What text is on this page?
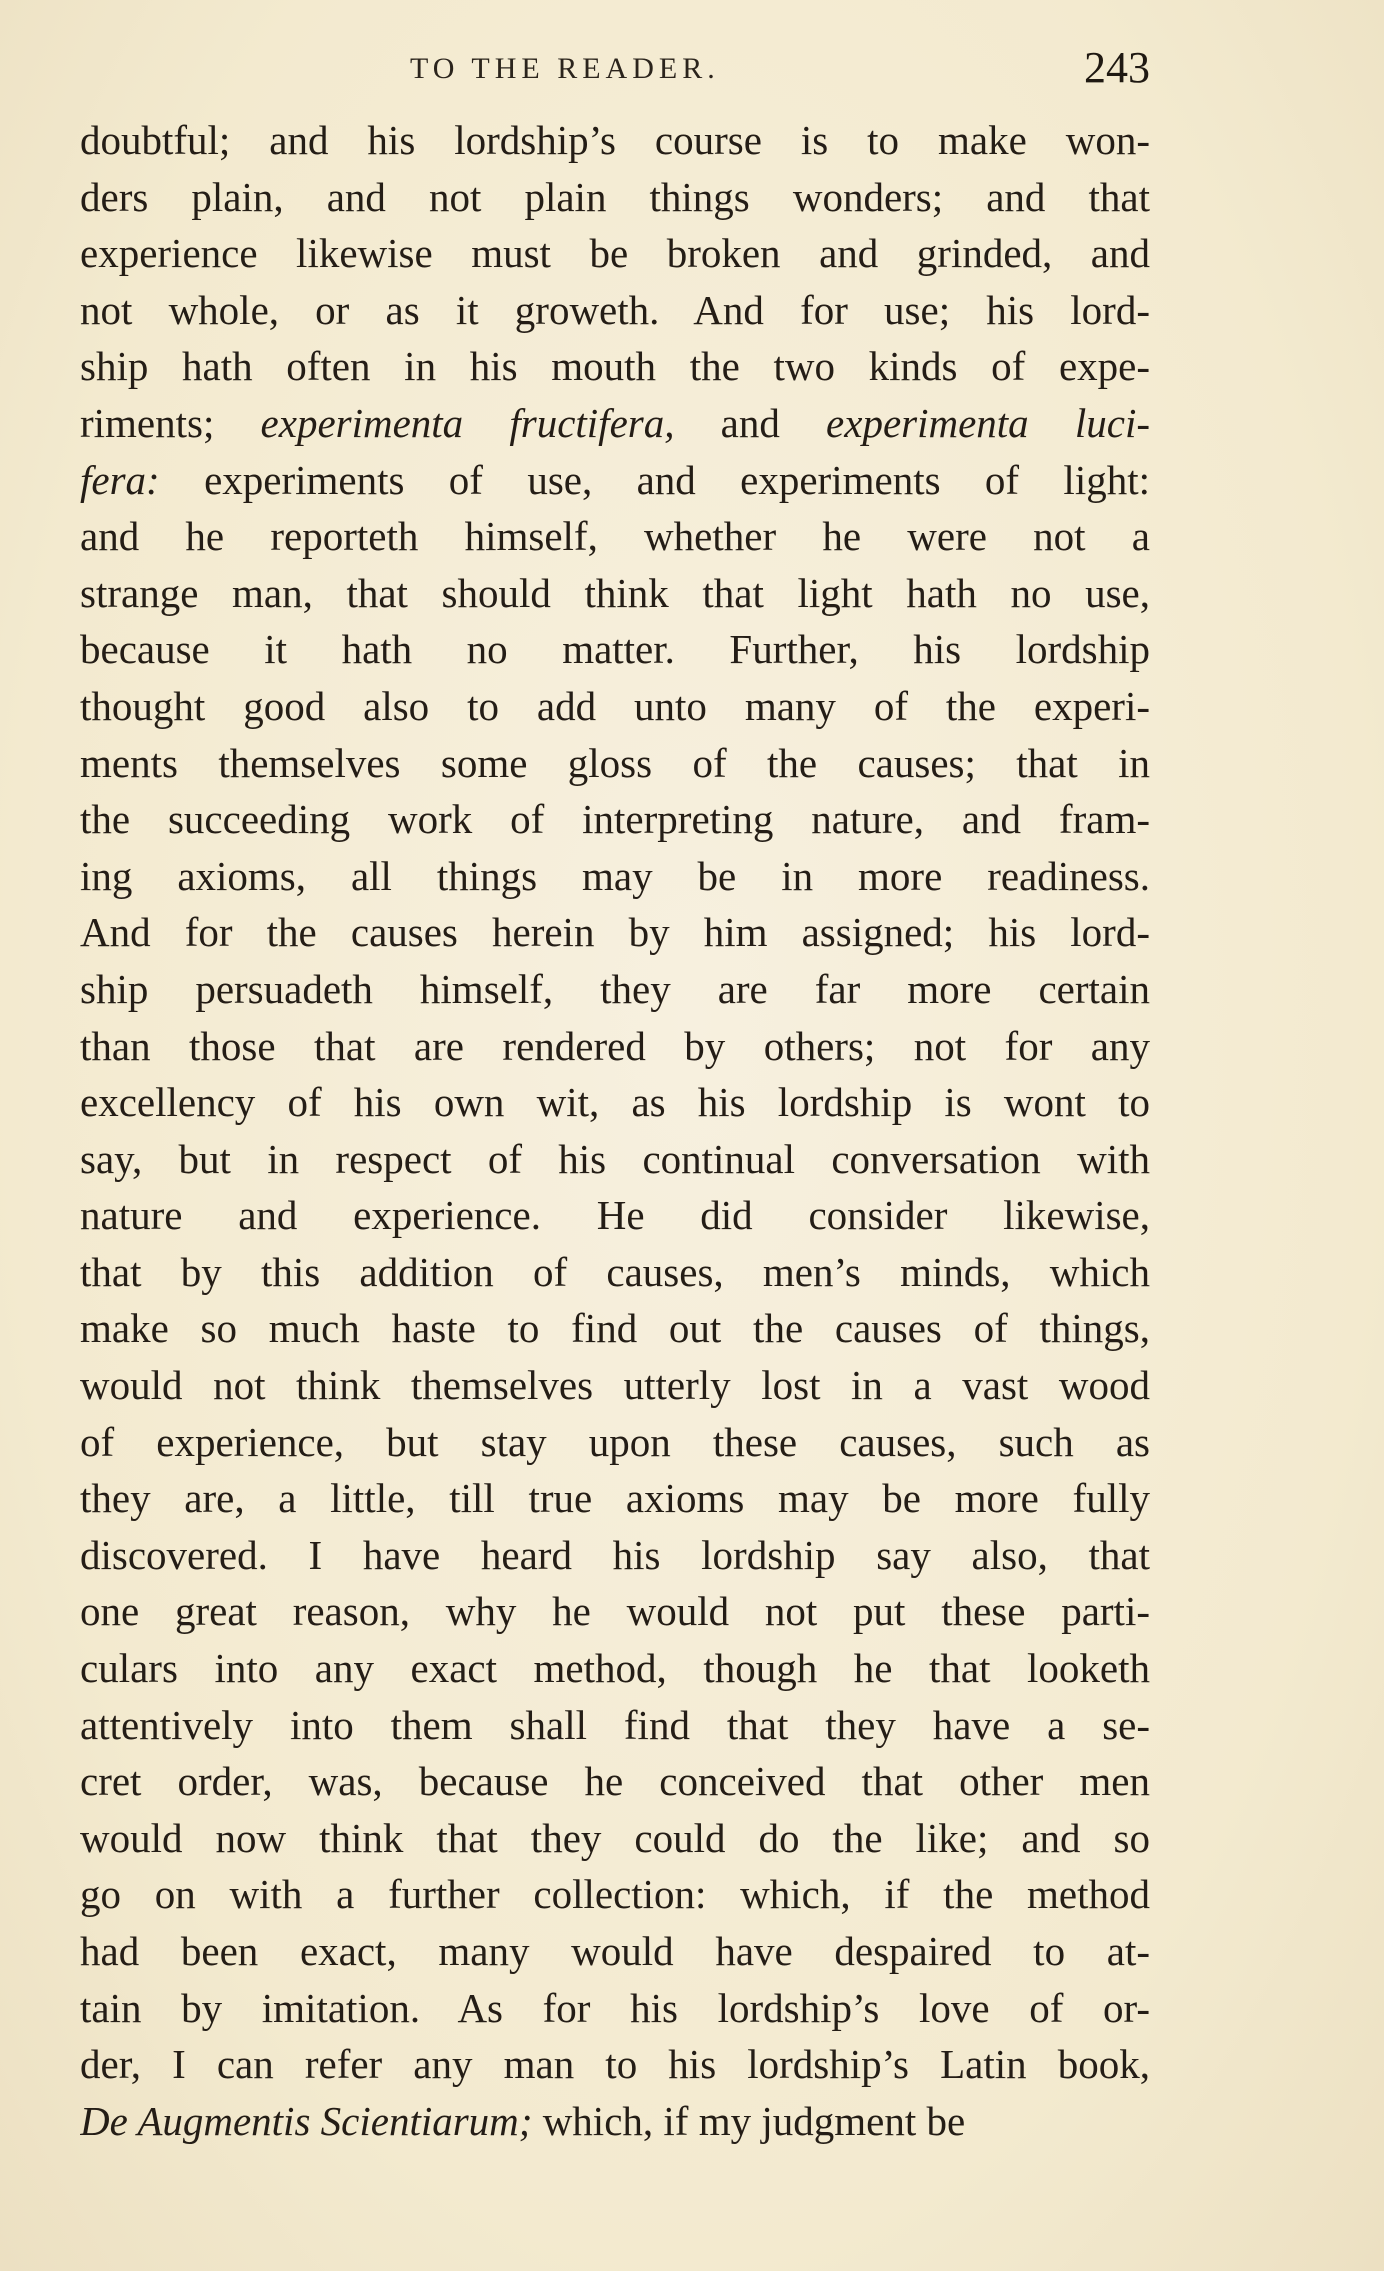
TO THE READER.	243
doubtful; and his lordship’s course is to make won-
ders plain, and not plain things wonders; and that
experience likewise must be broken and grinded, and
not whole, or as it groweth. And for use; his lord-
ship hath often in his mouth the two kinds of expe-
riments; experimenta fructifera, and experimenta luci-
fera: experiments of use, and experiments of light:
and he reporteth himself, whether he were not a
strange man, that should think that light hath no use,
because it hath no matter. Further, his lordship
thought good also to add unto many of the experi-
ments themselves some gloss of the causes; that in
the succeeding work of interpreting nature, and fram-
ing axioms, all things may be in more readiness.
And for the causes herein by him assigned; his lord-
ship persuadeth himself, they are far more certain
than those that are rendered by others; not for any
excellency of his own wit, as his lordship is wont to
say, but in respect of his continual conversation with
nature and experience. He did consider likewise,
that by this addition of causes, men’s minds, which
make so much haste to find out the causes of things,
would not think themselves utterly lost in a vast wood
of experience, but stay upon these causes, such as
they are, a little, till true axioms may be more fully
discovered. I have heard his lordship say also, that
one great reason, why he would not put these parti-
culars into any exact method, though he that looketh
attentively into them shall find that they have a se-
cret order, was, because he conceived that other men
would now think that they could do the like; and so
go on with a further collection: which, if the method
had been exact, many would have despaired to at-
tain by imitation. As for his lordship’s love of or-
der, I can refer any man to his lordship’s Latin book,
De Augmentis Scientiarum; which, if my judgment be
